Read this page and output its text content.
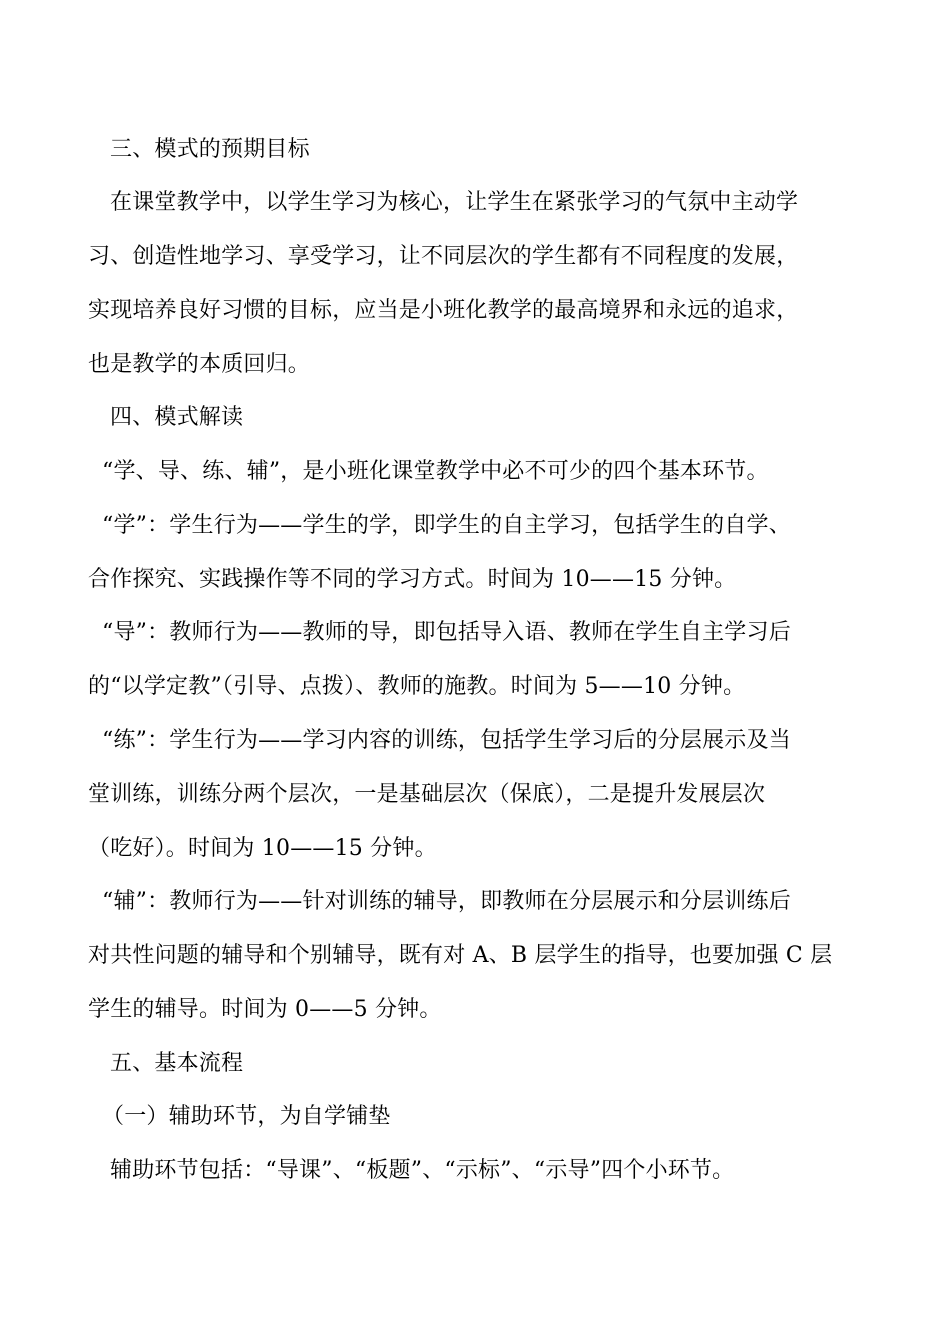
三、模式的预期目标
在课堂教学中，以学生学习为核心，让学生在紧张学习的气氛中主动学
习、创造性地学习、享受学习，让不同层次的学生都有不同程度的发展，
实现培养良好习惯的目标，应当是小班化教学的最高境界和永远的追求，
也是教学的本质回归。
四、模式解读
“学、导、练、辅”，是小班化课堂教学中必不可少的四个基本环节。
“学”：学生行为——学生的学，即学生的自主学习，包括学生的自学、
合作探究、实践操作等不同的学习方式。时间为 10——15 分钟。
“导”：教师行为——教师的导，即包括导入语、教师在学生自主学习后
的“以学定教”（引导、点拨）、教师的施教。时间为 5——10 分钟。
“练”：学生行为——学习内容的训练，包括学生学习后的分层展示及当
堂训练，训练分两个层次，一是基础层次（保底），二是提升发展层次
（吃好）。时间为 10——15 分钟。
“辅”：教师行为——针对训练的辅导，即教师在分层展示和分层训练后
对共性问题的辅导和个别辅导，既有对 A、B 层学生的指导，也要加强 C 层
学生的辅导。时间为 0——5 分钟。
五、基本流程
（一）辅助环节，为自学铺垫
辅助环节包括：“导课”、“板题”、“示标”、“示导”四个小环节。
